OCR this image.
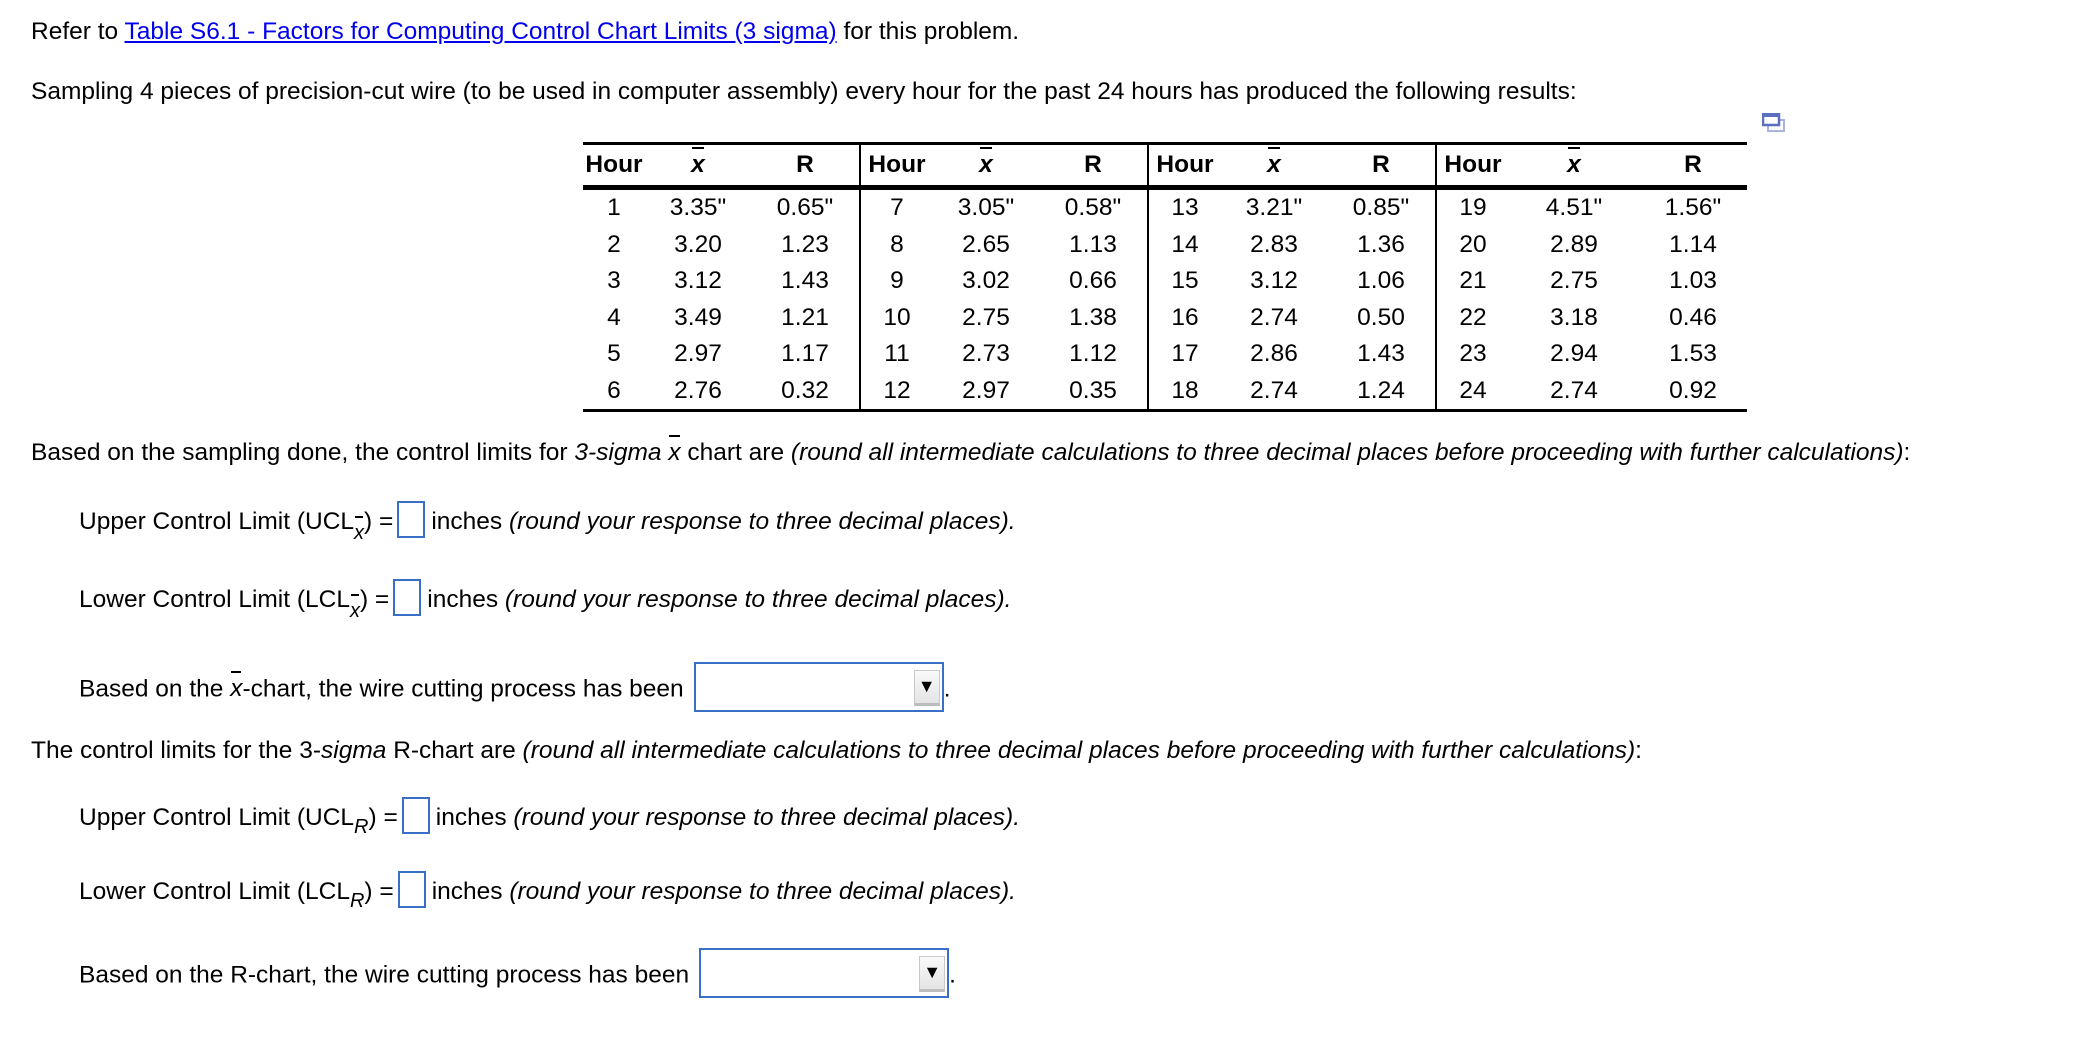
Refer to Table S6.1 - Factors for Computing Control Chart Limits (3 sigma) for this problem.
Sampling 4 pieces of precision-cut wire (to be used in computer assembly) every hour for the past 24 hours has produced the following results:
Hour	x	R	Hour	x	R	Hour	x	R	Hour	x	R
1	3.35"	0.65"	7	3.05"	0.58"	13	3.21"	0.85"	19	4.51"	1.56"
2	3.20	1.23	8	2.65	1.13	14	2.83	1.36	20	2.89	1.14
3	3.12	1.43	9	3.02	0.66	15	3.12	1.06	21	2.75	1.03
4	3.49	1.21	10	2.75	1.38	16	2.74	0.50	22	3.18	0.46
5	2.97	1.17	11	2.73	1.12	17	2.86	1.43	23	2.94	1.53
6	2.76	0.32	12	2.97	0.35	18	2.74	1.24	24	2.74	0.92
Based on the sampling done, the control limits for 3-sigma x chart are (round all intermediate calculations to three decimal places before proceeding with further calculations):
Upper Control Limit (UCLx) = inches (round your response to three decimal places).
Lower Control Limit (LCLx) = inches (round your response to three decimal places).
Based on the x-chart, the wire cutting process has been	▼ .
The control limits for the 3-sigma R-chart are (round all intermediate calculations to three decimal places before proceeding with further calculations):
Upper Control Limit $(UCL_R)$ = inches (round your response to three decimal places).
Lower Control Limit $(LCL_R)$ = inches (round your response to three decimal places).
Based on the R-chart, the wire cutting process has been	▼ .
